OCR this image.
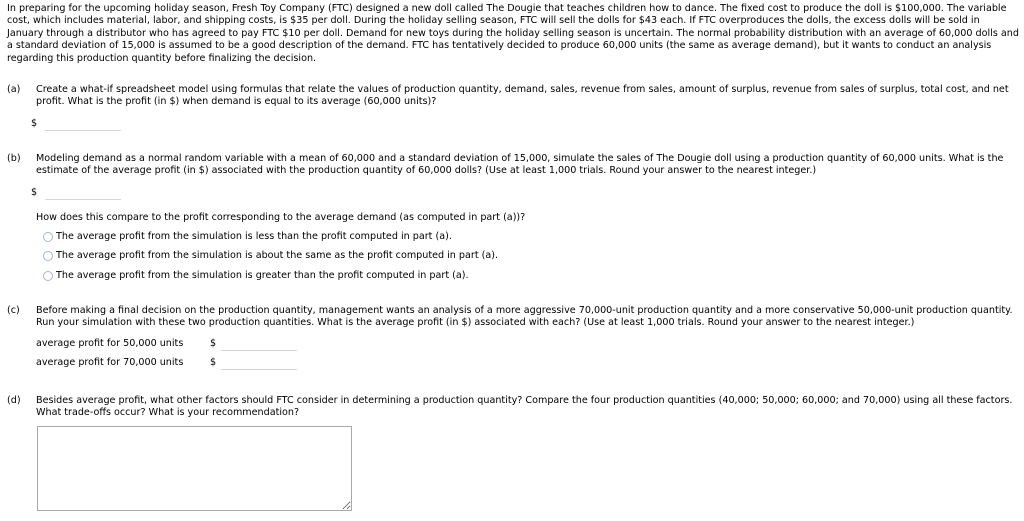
In preparing for the upcoming holiday season, Fresh Toy Company (FTC) designed a new doll called The Dougie that teaches children how to dance. The fixed cost to produce the doll is $100,000. The variable cost, which includes material, labor, and shipping costs, is $35 per doll. During the holiday selling season, FTC will sell the dolls for $43 each. If FTC overproduces the dolls, the excess dolls will be sold in January through a distributor who has agreed to pay FTC $10 per doll. Demand for new toys during the holiday selling season is uncertain. The normal probability distribution with an average of 60,000 dolls and a standard deviation of 15,000 is assumed to be a good description of the demand. FTC has tentatively decided to produce 60,000 units (the same as average demand), but it wants to conduct an analysis regarding this production quantity before finalizing the decision.

(a) Create a what-if spreadsheet model using formulas that relate the values of production quantity, demand, sales, revenue from sales, amount of surplus, revenue from sales of surplus, total cost, and net profit. What is the profit (in $) when demand is equal to its average (60,000 units)?

$
(b) Modeling demand as a normal random variable with a mean of 60,000 and a standard deviation of 15,000, simulate the sales of The Dougie doll using a production quantity of 60,000 units. What is the estimate of the average profit (in $) associated with the production quantity of 60,000 dolls? (Use at least 1,000 trials. Round your answer to the nearest integer.)

$
How does this compare to the profit corresponding to the average demand (as computed in part (a))?
The average profit from the simulation is less than the profit computed in part (a).
The average profit from the simulation is about the same as the profit computed in part (a).
The average profit from the simulation is greater than the profit computed in part (a).
(c) Before making a final decision on the production quantity, management wants an analysis of a more aggressive 70,000-unit production quantity and a more conservative 50,000-unit production quantity. Run your simulation with these two production quantities. What is the average profit (in $) associated with each? (Use at least 1,000 trials. Round your answer to the nearest integer.)

average profit for 50,000 units	$
average profit for 70,000 units	$
(d) Besides average profit, what other factors should FTC consider in determining a production quantity? Compare the four production quantities (40,000; 50,000; 60,000; and 70,000) using all these factors. What trade-offs occur? What is your recommendation?
